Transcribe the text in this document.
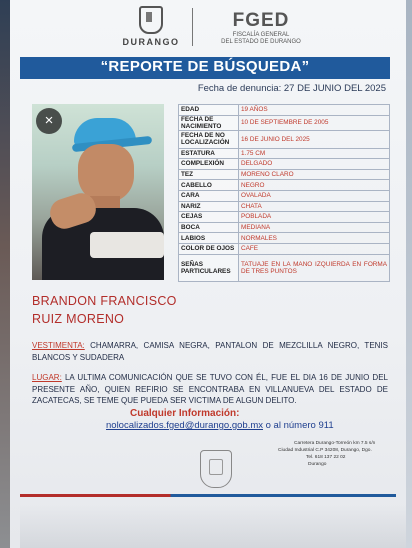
DURANGO
FGED
FISCALÍA GENERAL
DEL ESTADO DE DURANGO
“REPORTE DE BÚSQUEDA”
Fecha de denuncia: 27 DE JUNIO DEL 2025
×
EDAD	19 AÑOS
FECHA DE NACIMIENTO	10 DE SEPTIEMBRE DE 2005
FECHA DE NO LOCALIZACIÓN	16 DE JUNIO DEL 2025
ESTATURA	1.75 CM
COMPLEXIÓN	DELGADO
TEZ	MORENO CLARO
CABELLO	NEGRO
CARA	OVALADA
NARIZ	CHATA
CEJAS	POBLADA
BOCA	MEDIANA
LABIOS	NORMALES
COLOR DE OJOS	CAFE
SEÑAS PARTICULARES	TATUAJE EN LA MANO IZQUIERDA EN FORMA DE TRES PUNTOS
BRANDON FRANCISCO
RUIZ MORENO
VESTIMENTA: CHAMARRA, CAMISA NEGRA, PANTALON DE MEZCLILLA NEGRO, TENIS BLANCOS Y SUDADERA
LUGAR: LA ULTIMA COMUNICACIÓN QUE SE TUVO CON ÉL, FUE EL DIA 16 DE JUNIO DEL PRESENTE AÑO, QUIEN REFIRIO SE ENCONTRABA EN VILLANUEVA DEL ESTADO DE ZACATECAS, SE TEME QUE PUEDA SER VICTIMA DE ALGUN DELITO.
Cualquier Información:
nolocalizados.fged@durango.gob.mx o al número 911
Carretera Durango-Torreón km 7.5 s/n
Ciudad Industrial C.P 34208, Durango, Dgo.
Tel. 618 137 22 02
Durango
